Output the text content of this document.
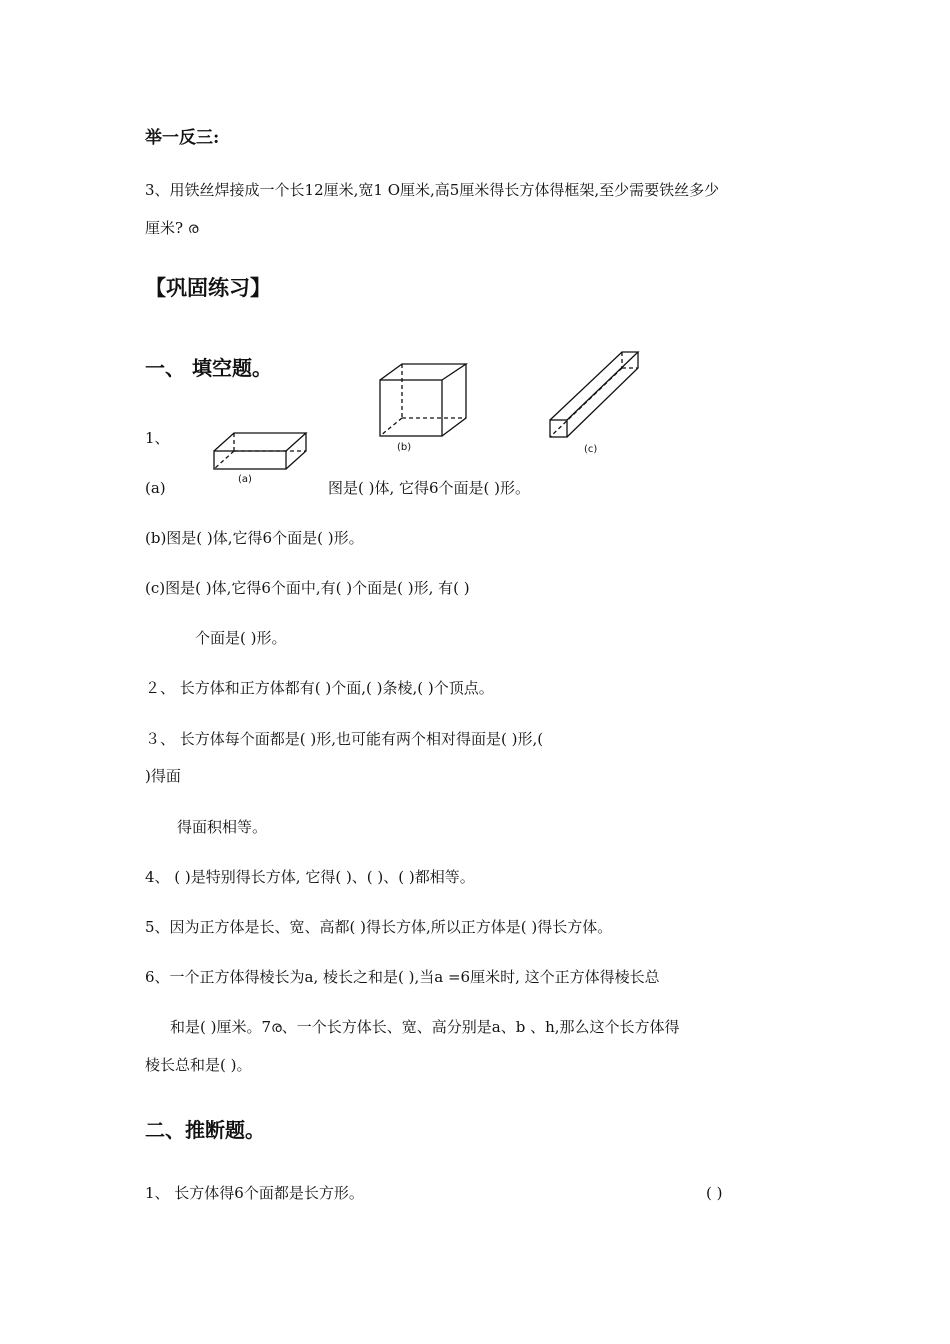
举一反三:
3、用铁丝焊接成一个长12厘米,宽1 O厘米,高5厘米得长方体得框架,至少需要铁丝多少
厘米? ര
【巩固练习】
一、 填空题。
1、
(a)
(b)	(c)
(a)	图是( )体, 它得6个面是( )形。
(b)图是( )体,它得6个面是( )形。
(c)图是( )体,它得6个面中,有( )个面是( )形, 有( )
个面是( )形。
２、 长方体和正方体都有( )个面,( )条棱,( )个顶点。
３、 长方体每个面都是( )形,也可能有两个相对得面是( )形,(
)得面
得面积相等。
4、 ( )是特别得长方体, 它得( )、( )、( )都相等。
5、因为正方体是长、宽、高都( )得长方体,所以正方体是( )得长方体。
6、一个正方体得棱长为a, 棱长之和是( ),当a =6厘米时, 这个正方体得棱长总
和是( )厘米。7ര、一个长方体长、宽、高分别是a、b 、h,那么这个长方体得
棱长总和是( )。
二、推断题。
1、 长方体得6个面都是长方形。	( )
